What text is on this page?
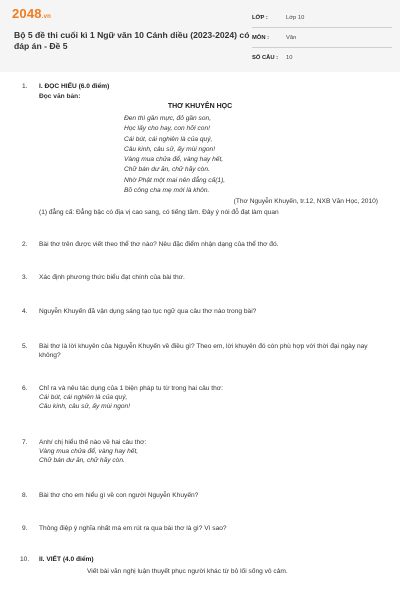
2048.vn
Bộ 5 đề thi cuối kì 1 Ngữ văn 10 Cánh diều (2023-2024) có đáp án - Đề 5
LỚP :	Lớp 10
MÔN :	Văn
SỐ CÂU : 10
1.	I. ĐỌC HIỂU (6.0 điểm)
Đọc văn bản:
THƠ KHUYÊN HỌC
Đen thì gần mực, đỏ gần son,
Học lấy cho hay, con hỡi con!
Cái bút, cái nghiên là của quý,
Câu kinh, câu sử, ấy mùi ngon!
Vàng mua chửa để, vàng hay hết,
Chữ bán dư ăn, chữ hãy còn.
Nhờ Phật một mai nên đẳng cấ(1),
Bõ công cha mẹ mới là khôn.
(Thơ Nguyễn Khuyến, tr.12, NXB Văn Học, 2010)
(1) đẳng cấ: Đẳng bậc có địa vị cao sang, có tiếng tăm. Đây ý nói đỗ đạt làm quan
2.	Bài thơ trên được viết theo thể thơ nào? Nêu đặc điểm nhận dạng của thể thơ đó.
3.	Xác định phương thức biểu đạt chính của bài thơ.
4.	Nguyễn Khuyến đã vận dụng sáng tạo tục ngữ qua câu thơ nào trong bài?
5.	Bài thơ là lời khuyên của Nguyễn Khuyến về điều gì? Theo em, lời khuyên đó còn phù hợp với thời đại ngày nay không?
6.	Chỉ ra và nêu tác dụng của 1 biện pháp tu từ trong hai câu thơ:
Cái bút, cái nghiên là của quý,
Câu kinh, câu sử, ấy mùi ngon!
7.	Anh/ chị hiểu thế nào về hai câu thơ:
Vàng mua chửa để, vàng hay hết,
Chữ bán dư ăn, chữ hãy còn.
8.	Bài thơ cho em hiểu gì về con người Nguyễn Khuyến?
9.	Thông điệp ý nghĩa nhất mà em rút ra qua bài thơ là gì? Vì sao?
10.	II. VIẾT (4.0 điểm)
Viết bài văn nghị luận thuyết phục người khác từ bỏ lối sống vô cảm.
